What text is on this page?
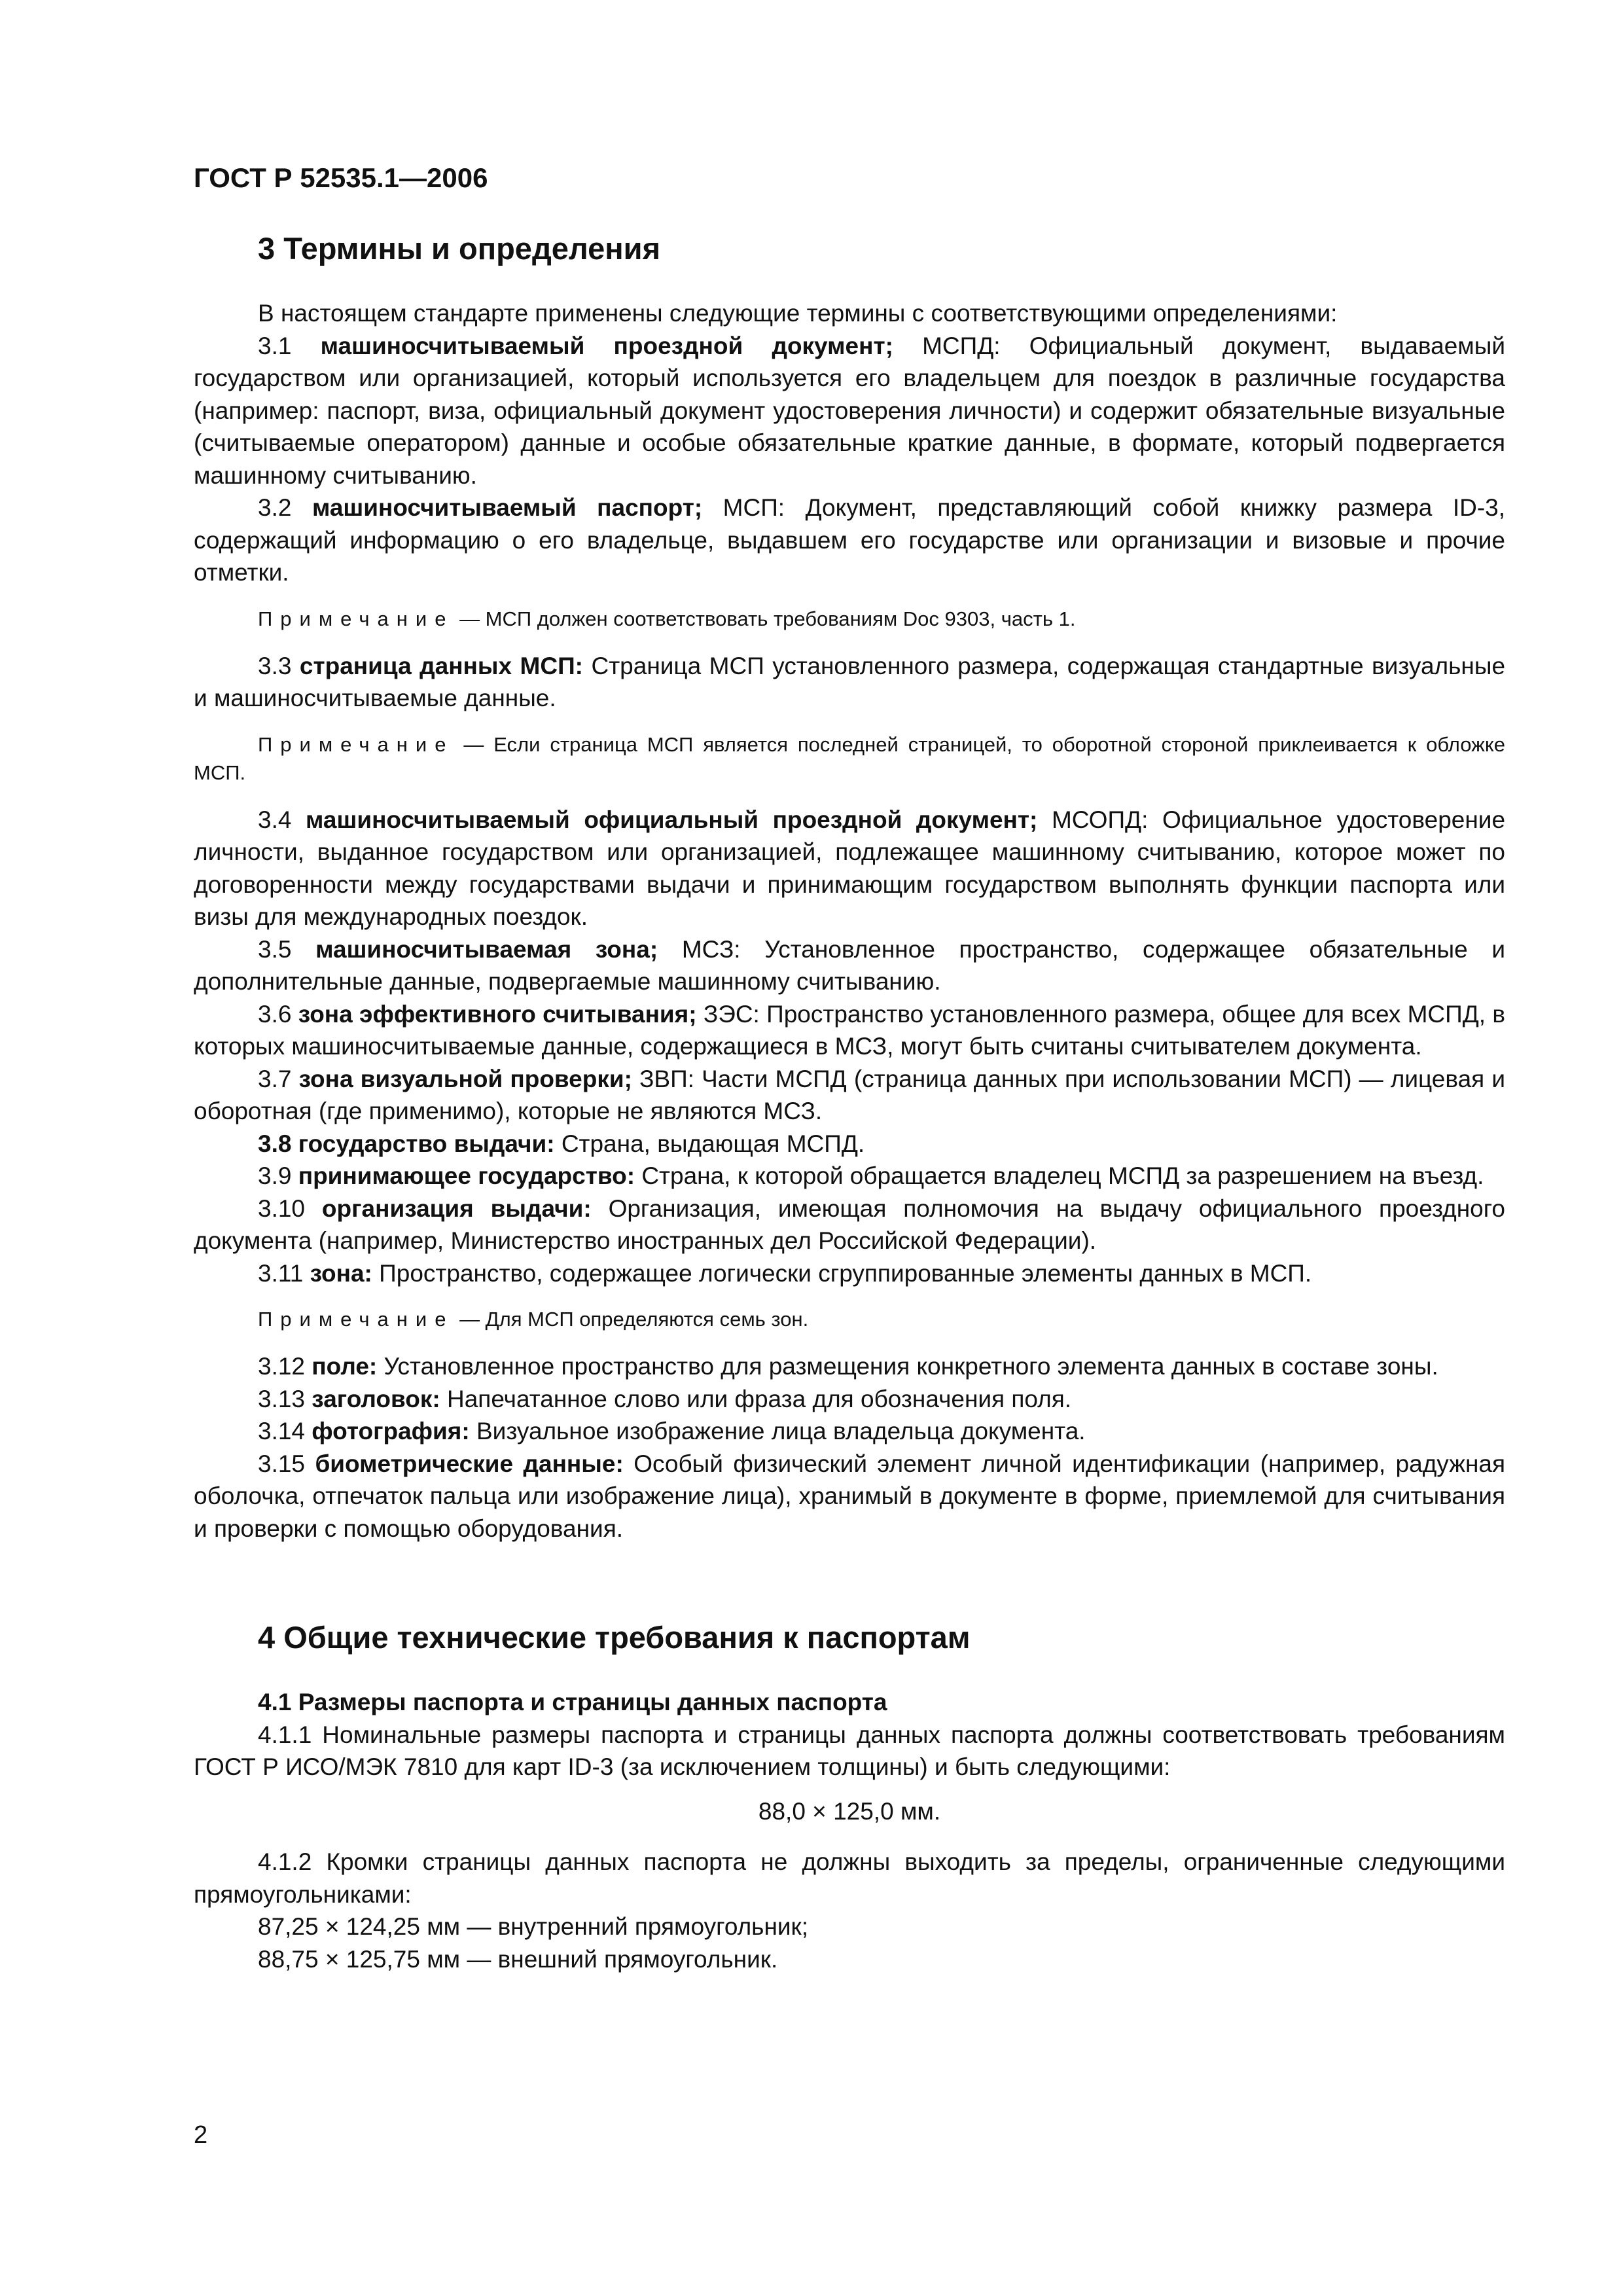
ГОСТ Р 52535.1—2006
3 Термины и определения

В настоящем стандарте применены следующие термины с соответствующими определениями:

3.1 машиносчитываемый проездной документ; МСПД: Официальный документ, выдаваемый государством или организацией, который используется его владельцем для поездок в различные государства (например: паспорт, виза, официальный документ удостоверения личности) и содержит обязательные визуальные (считываемые оператором) данные и особые обязательные краткие данные, в формате, который подвергается машинному считыванию.

3.2 машиносчитываемый паспорт; МСП: Документ, представляющий собой книжку размера ID-3, содержащий информацию о его владельце, выдавшем его государстве или организации и визовые и прочие отметки.

Примечание — МСП должен соответствовать требованиям Doc 9303, часть 1.

3.3 страница данных МСП: Страница МСП установленного размера, содержащая стандартные визуальные и машиносчитываемые данные.

Примечание — Если страница МСП является последней страницей, то оборотной стороной приклеивается к обложке МСП.

3.4 машиносчитываемый официальный проездной документ; МСОПД: Официальное удостоверение личности, выданное государством или организацией, подлежащее машинному считыванию, которое может по договоренности между государствами выдачи и принимающим государством выполнять функции паспорта или визы для международных поездок.

3.5 машиносчитываемая зона; МСЗ: Установленное пространство, содержащее обязательные и дополнительные данные, подвергаемые машинному считыванию.

3.6 зона эффективного считывания; ЗЭС: Пространство установленного размера, общее для всех МСПД, в которых машиносчитываемые данные, содержащиеся в МСЗ, могут быть считаны считывателем документа.

3.7 зона визуальной проверки; ЗВП: Части МСПД (страница данных при использовании МСП) — лицевая и оборотная (где применимо), которые не являются МСЗ.

3.8 государство выдачи: Страна, выдающая МСПД.

3.9 принимающее государство: Страна, к которой обращается владелец МСПД за разрешением на въезд.

3.10 организация выдачи: Организация, имеющая полномочия на выдачу официального проездного документа (например, Министерство иностранных дел Российской Федерации).

3.11 зона: Пространство, содержащее логически сгруппированные элементы данных в МСП.

Примечание — Для МСП определяются семь зон.

3.12 поле: Установленное пространство для размещения конкретного элемента данных в составе зоны.

3.13 заголовок: Напечатанное слово или фраза для обозначения поля.

3.14 фотография: Визуальное изображение лица владельца документа.

3.15 биометрические данные: Особый физический элемент личной идентификации (например, радужная оболочка, отпечаток пальца или изображение лица), хранимый в документе в форме, приемлемой для считывания и проверки с помощью оборудования.

4 Общие технические требования к паспортам
4.1 Размеры паспорта и страницы данных паспорта

4.1.1 Номинальные размеры паспорта и страницы данных паспорта должны соответствовать требованиям ГОСТ Р ИСО/МЭК 7810 для карт ID-3 (за исключением толщины) и быть следующими:

88,0 × 125,0 мм.

4.1.2 Кромки страницы данных паспорта не должны выходить за пределы, ограниченные следующими прямоугольниками:

87,25 × 124,25 мм — внутренний прямоугольник;

88,75 × 125,75 мм — внешний прямоугольник.

2
